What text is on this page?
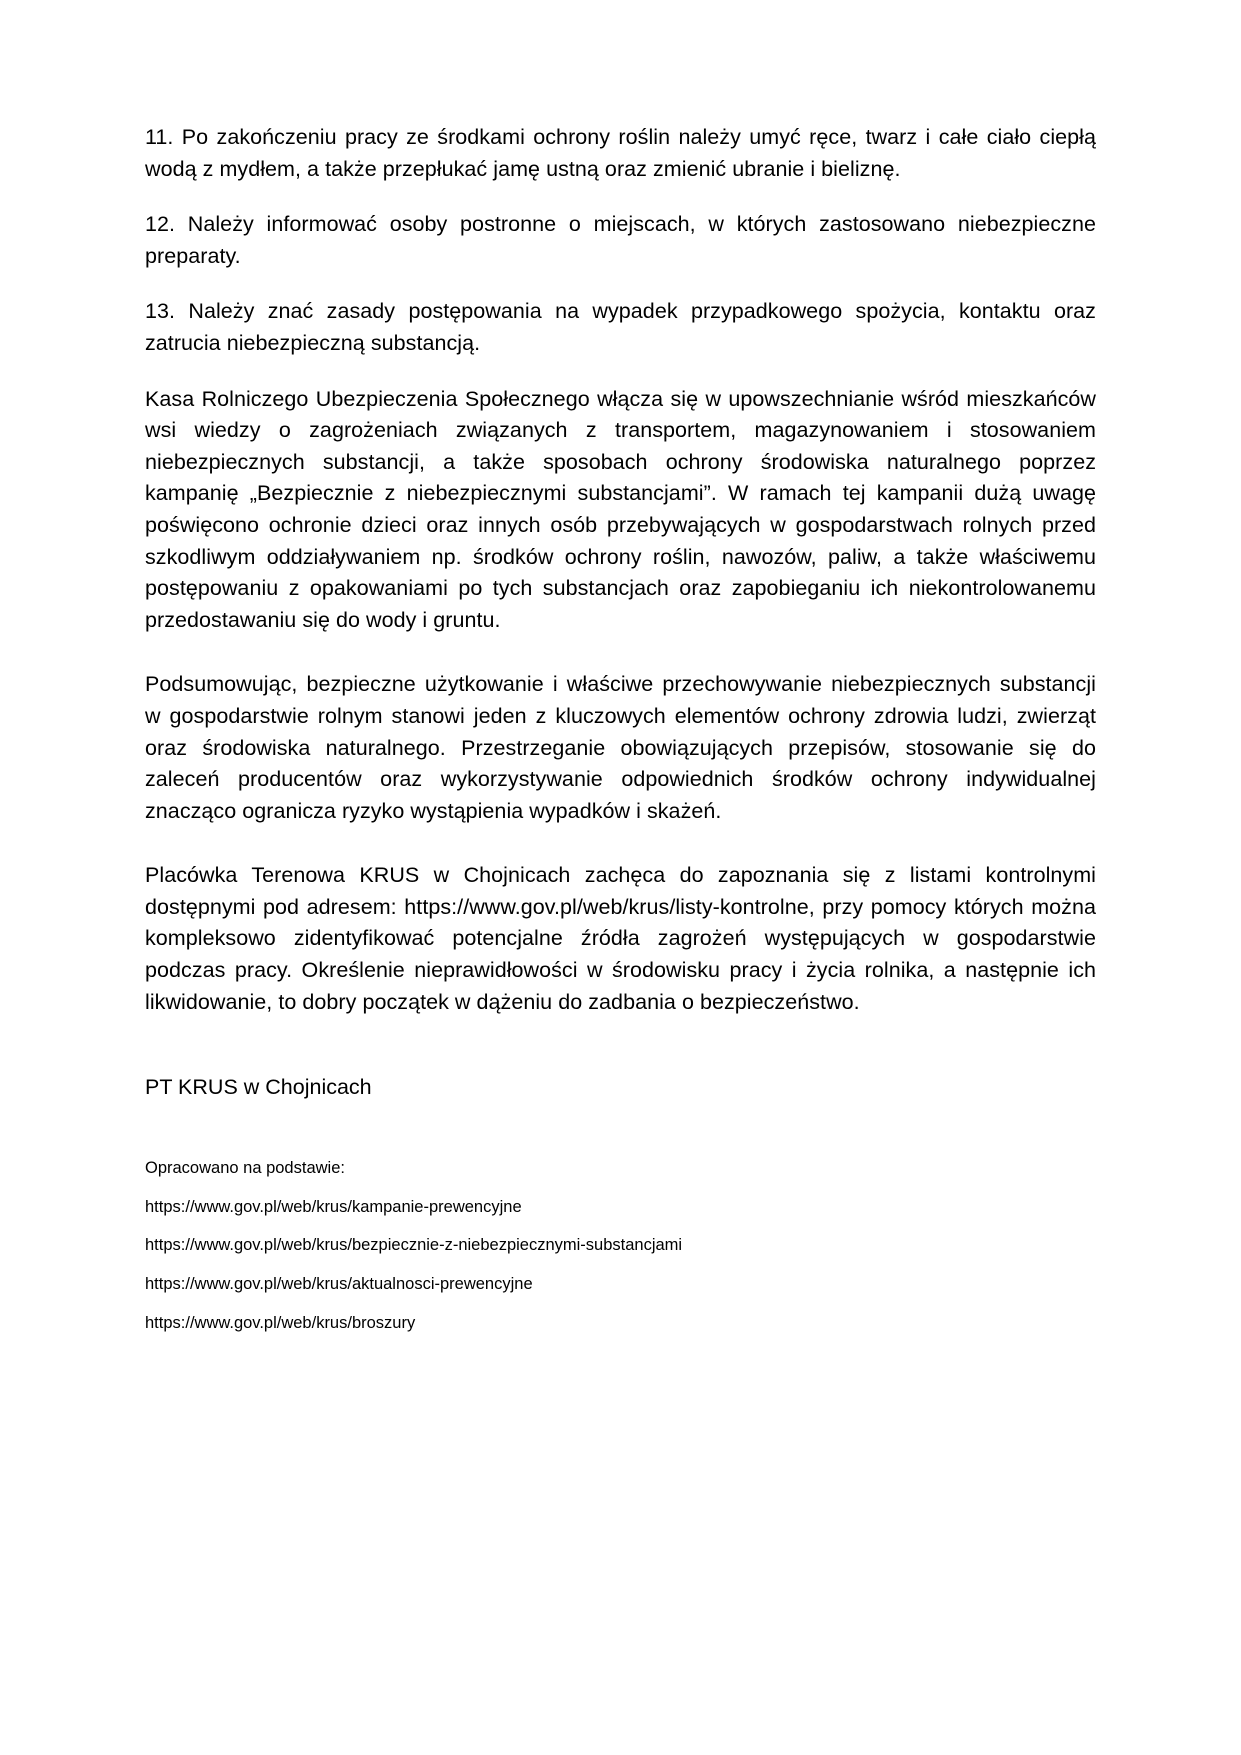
11. Po zakończeniu pracy ze środkami ochrony roślin należy umyć ręce, twarz i całe ciało ciepłą wodą z mydłem, a także przepłukać jamę ustną oraz zmienić ubranie i bieliznę.

12. Należy informować osoby postronne o miejscach, w których zastosowano niebezpieczne preparaty.

13. Należy znać zasady postępowania na wypadek przypadkowego spożycia, kontaktu oraz zatrucia niebezpieczną substancją.

Kasa Rolniczego Ubezpieczenia Społecznego włącza się w upowszechnianie wśród mieszkańców wsi wiedzy o zagrożeniach związanych z transportem, magazynowaniem i stosowaniem niebezpiecznych substancji, a także sposobach ochrony środowiska naturalnego poprzez kampanię „Bezpiecznie z niebezpiecznymi substancjami”. W ramach tej kampanii dużą uwagę poświęcono ochronie dzieci oraz innych osób przebywających w gospodarstwach rolnych przed szkodliwym oddziaływaniem np. środków ochrony roślin, nawozów, paliw, a także właściwemu postępowaniu z opakowaniami po tych substancjach oraz zapobieganiu ich niekontrolowanemu przedostawaniu się do wody i gruntu.

Podsumowując, bezpieczne użytkowanie i właściwe przechowywanie niebezpiecznych substancji w gospodarstwie rolnym stanowi jeden z kluczowych elementów ochrony zdrowia ludzi, zwierząt oraz środowiska naturalnego. Przestrzeganie obowiązujących przepisów, stosowanie się do zaleceń producentów oraz wykorzystywanie odpowiednich środków ochrony indywidualnej znacząco ogranicza ryzyko wystąpienia wypadków i skażeń.

Placówka Terenowa KRUS w Chojnicach zachęca do zapoznania się z listami kontrolnymi dostępnymi pod adresem: https://www.gov.pl/web/krus/listy-kontrolne, przy pomocy których można kompleksowo zidentyfikować potencjalne źródła zagrożeń występujących w gospodarstwie podczas pracy. Określenie nieprawidłowości w środowisku pracy i życia rolnika, a następnie ich likwidowanie, to dobry początek w dążeniu do zadbania o bezpieczeństwo.

PT KRUS w Chojnicach

Opracowano na podstawie:

https://www.gov.pl/web/krus/kampanie-prewencyjne
https://www.gov.pl/web/krus/bezpiecznie-z-niebezpiecznymi-substancjami
https://www.gov.pl/web/krus/aktualnosci-prewencyjne
https://www.gov.pl/web/krus/broszury
